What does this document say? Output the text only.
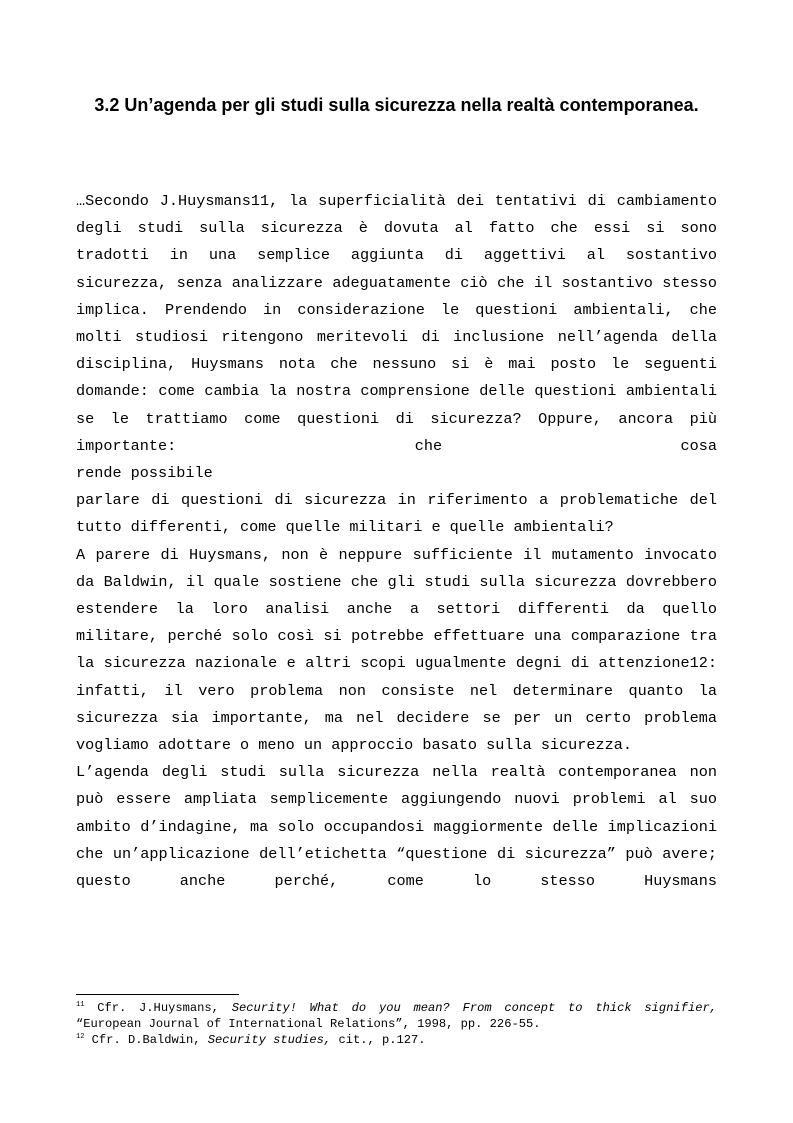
3.2 Un’agenda per gli studi sulla sicurezza nella realtà contemporanea.
…Secondo J.Huysmans11, la superficialità dei tentativi di cambiamento degli studi sulla sicurezza è dovuta al fatto che essi si sono tradotti in una semplice aggiunta di aggettivi al sostantivo sicurezza, senza analizzare adeguatamente ciò che il sostantivo stesso implica. Prendendo in considerazione le questioni ambientali, che molti studiosi ritengono meritevoli di inclusione nell’agenda della disciplina, Huysmans nota che nessuno si è mai posto le seguenti domande: come cambia la nostra comprensione delle questioni ambientali se le trattiamo come questioni di sicurezza? Oppure, ancora più importante: che cosa
rende possibile
parlare di questioni di sicurezza in riferimento a problematiche del tutto differenti, come quelle militari e quelle ambientali?
A parere di Huysmans, non è neppure sufficiente il mutamento invocato da Baldwin, il quale sostiene che gli studi sulla sicurezza dovrebbero estendere la loro analisi anche a settori differenti da quello militare, perché solo così si potrebbe effettuare una comparazione tra la sicurezza nazionale e altri scopi ugualmente degni di attenzione12: infatti, il vero problema non consiste nel determinare quanto la sicurezza sia importante, ma nel decidere se per un certo problema vogliamo adottare o meno un approccio basato sulla sicurezza.
L’agenda degli studi sulla sicurezza nella realtà contemporanea non può essere ampliata semplicemente aggiungendo nuovi problemi al suo ambito d’indagine, ma solo occupandosi maggiormente delle implicazioni che un’applicazione dell’etichetta “questione di sicurezza” può avere; questo anche perché, come lo stesso Huysmans
$^{11}$ Cfr. J.Huysmans, Security! What do you mean? From concept to thick signifier, “European Journal of International Relations”, 1998, pp. 226-55.
$^{12}$ Cfr. D.Baldwin, Security studies, cit., p.127.
